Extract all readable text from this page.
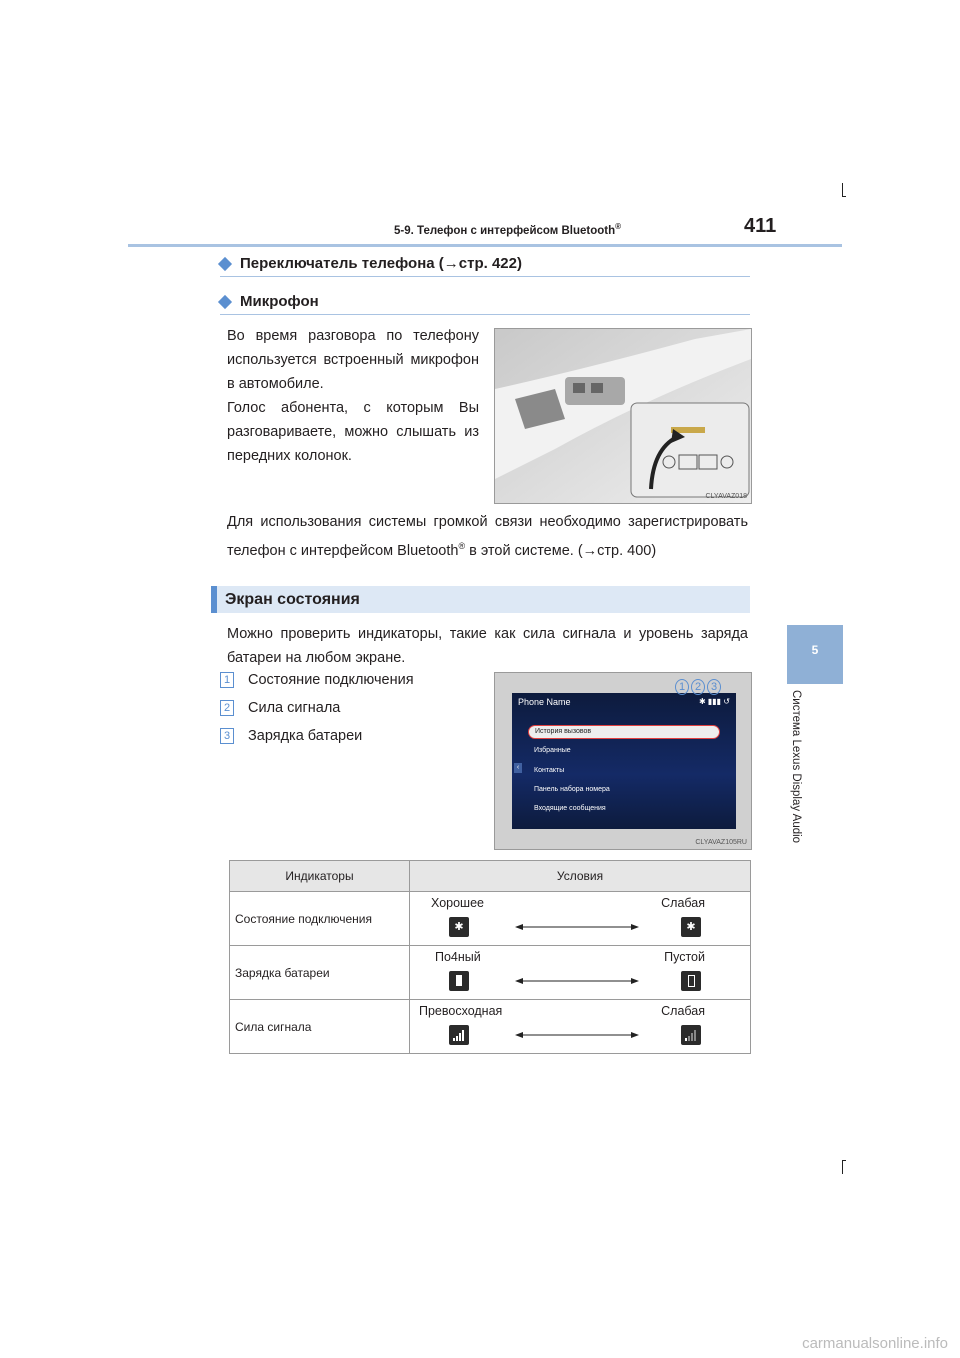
5-9. Телефон с интерфейсом Bluetooth®	411
5
Система Lexus Display Audio
Переключатель телефона (→стр. 422)
Микрофон
Во время разговора по телефону используется встроенный микрофон в автомобиле.
Голос абонента, с которым Вы разговариваете, можно слышать из передних колонок.
CLYAVAZ018
Для использования системы громкой связи необходимо зарегистрировать телефон с интерфейсом Bluetooth® в этой системе. (→стр. 400)
Экран состояния
Можно проверить индикаторы, такие как сила сигнала и уровень заряда батареи на любом экране.
1 Состояние подключения
2 Сила сигнала
3 Зарядка батареи
Phone Name	✱ ▮▮▮ ↺
История вызовов
Избранные
Контакты
Панель набора номера
Входящие сообщения
‹
1 2 3
CLYAVAZ105RU
Индикаторы	Условия
Состояние подключения	Хорошее Слабая
✱ ✱

Зарядка батареи	По4ный Пустой

Сила сигнала	Превосходная Слабая
carmanualsonline.info
